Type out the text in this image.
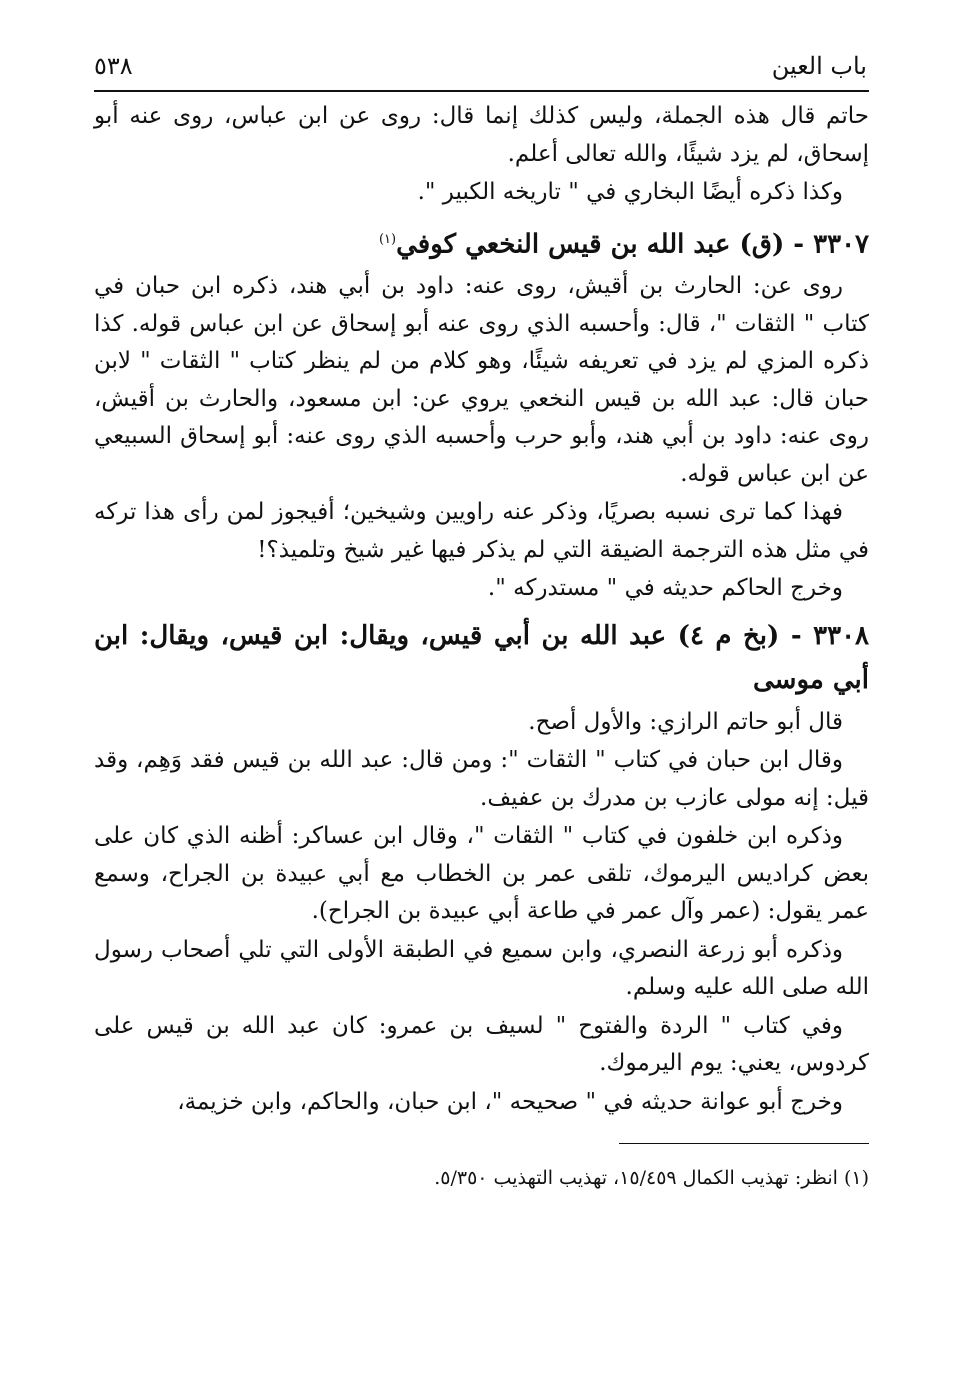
باب العين
٥٣٨

حاتم قال هذه الجملة، وليس كذلك إنما قال: روى عن ابن عباس، روى عنه أبو إسحاق، لم يزد شيئًا، والله تعالى أعلم.

وكذا ذكره أيضًا البخاري في " تاريخه الكبير ".

٣٣٠٧ - (ق) عبد الله بن قيس النخعي كوفي$^{(١)}$

روى عن: الحارث بن أقيش، روى عنه: داود بن أبي هند، ذكره ابن حبان في كتاب " الثقات "، قال: وأحسبه الذي روى عنه أبو إسحاق عن ابن عباس قوله. كذا ذكره المزي لم يزد في تعريفه شيئًا، وهو كلام من لم ينظر كتاب " الثقات " لابن حبان قال: عبد الله بن قيس النخعي يروي عن: ابن مسعود، والحارث بن أقيش، روى عنه: داود بن أبي هند، وأبو حرب وأحسبه الذي روى عنه: أبو إسحاق السبيعي عن ابن عباس قوله.

فهذا كما ترى نسبه بصريًا، وذكر عنه راويين وشيخين؛ أفيجوز لمن رأى هذا تركه في مثل هذه الترجمة الضيقة التي لم يذكر فيها غير شيخ وتلميذ؟!

وخرج الحاكم حديثه في " مستدركه ".

٣٣٠٨ - (بخ م ٤) عبد الله بن أبي قيس، ويقال: ابن قيس، ويقال: ابن أبي موسى

قال أبو حاتم الرازي: والأول أصح.

وقال ابن حبان في كتاب " الثقات ": ومن قال: عبد الله بن قيس فقد وَهِم، وقد قيل: إنه مولى عازب بن مدرك بن عفيف.

وذكره ابن خلفون في كتاب " الثقات "، وقال ابن عساكر: أظنه الذي كان على بعض كراديس اليرموك، تلقى عمر بن الخطاب مع أبي عبيدة بن الجراح، وسمع عمر يقول: (عمر وآل عمر في طاعة أبي عبيدة بن الجراح).

وذكره أبو زرعة النصري، وابن سميع في الطبقة الأولى التي تلي أصحاب رسول الله صلى الله عليه وسلم.

وفي كتاب " الردة والفتوح " لسيف بن عمرو: كان عبد الله بن قيس على كردوس، يعني: يوم اليرموك.

وخرج أبو عوانة حديثه في " صحيحه "، ابن حبان، والحاكم، وابن خزيمة،

(١) انظر: تهذيب الكمال ١٥/٤٥٩، تهذيب التهذيب ٥/٣٥٠.
